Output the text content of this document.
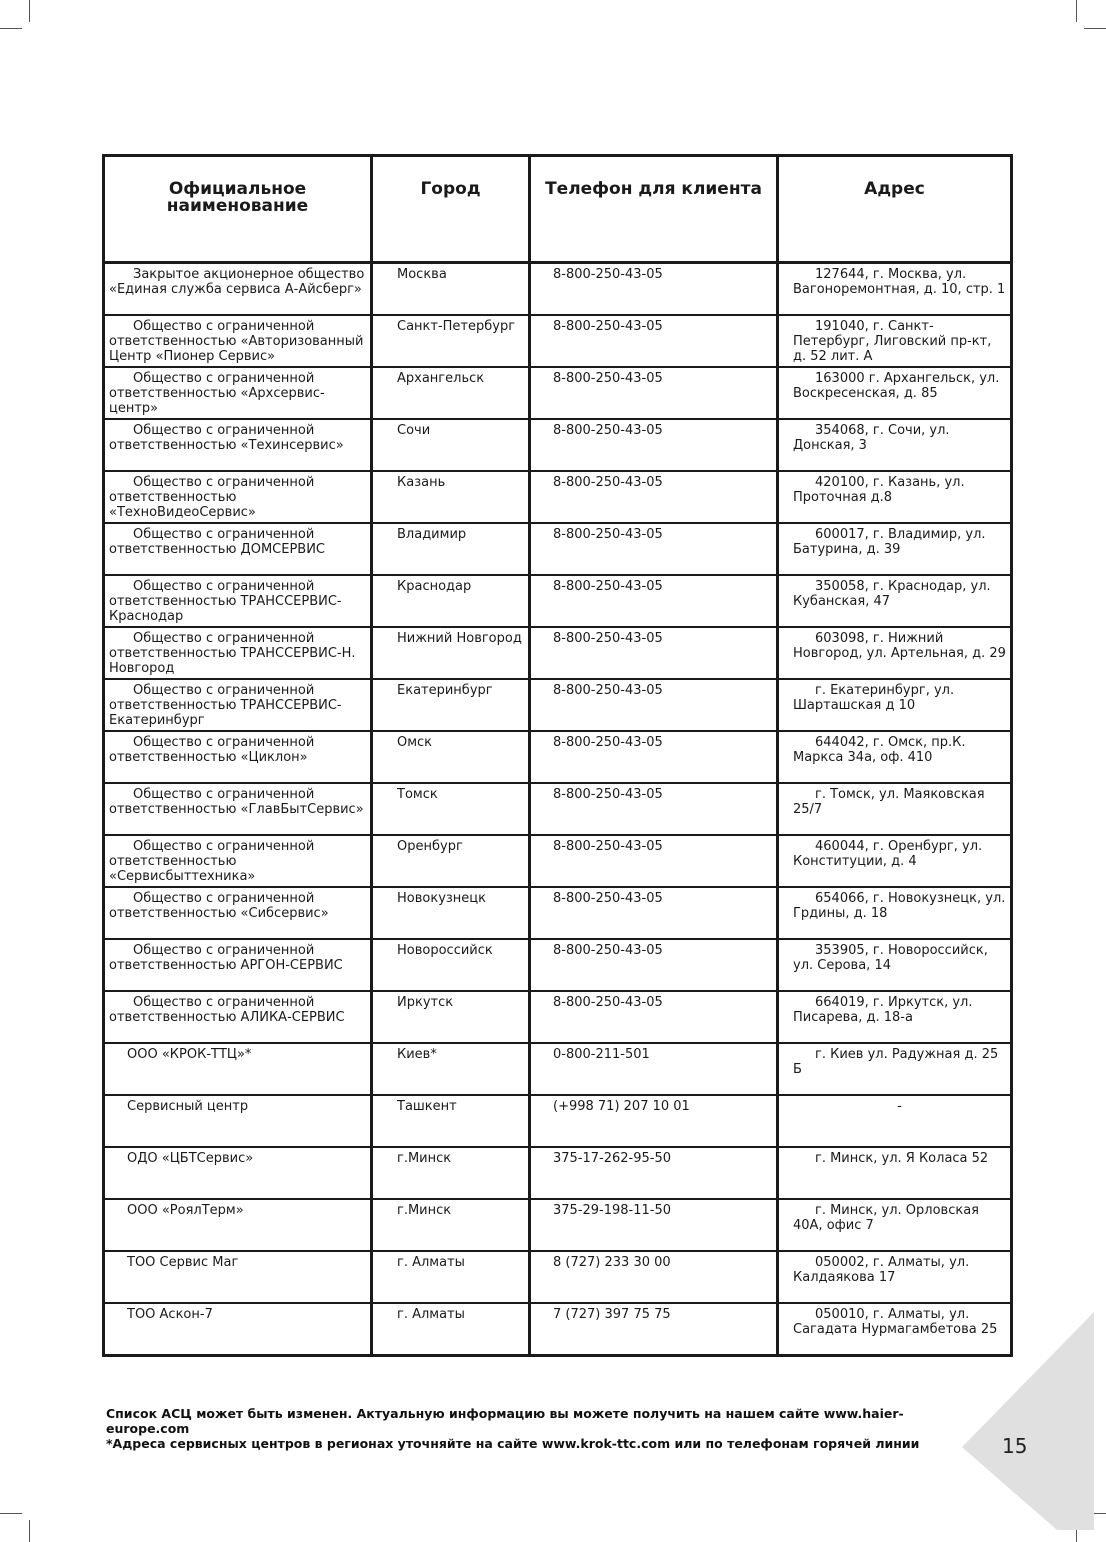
Официальное наименование	Город	Телефон для клиента	Адрес
Закрытое акционерное общество «Единая служба сервиса А-Айсберг»	Москва	8-800-250-43-05	127644, г. Москва, ул. Вагоноремонтная, д. 10, стр. 1
Общество с ограниченной ответственностью «Авторизованный Центр «Пионер Сервис»	Санкт-Петербург	8-800-250-43-05	191040, г. Санкт-Петербург, Лиговский пр-кт, д. 52 лит. А
Общество с ограниченной ответственностью «Архсервис-центр»	Архангельск	8-800-250-43-05	163000 г. Архангельск, ул. Воскресенская, д. 85
Общество с ограниченной ответственностью «Техинсервис»	Сочи	8-800-250-43-05	354068, г. Сочи, ул. Донская, 3
Общество с ограниченной ответственностью «ТехноВидеоСервис»	Казань	8-800-250-43-05	420100, г. Казань, ул. Проточная д.8
Общество с ограниченной ответственностью ДОМСЕРВИС	Владимир	8-800-250-43-05	600017, г. Владимир, ул. Батурина, д. 39
Общество с ограниченной ответственностью ТРАНССЕРВИС-Краснодар	Краснодар	8-800-250-43-05	350058, г. Краснодар, ул. Кубанская, 47
Общество с ограниченной ответственностью ТРАНССЕРВИС-Н. Новгород	Нижний Новгород	8-800-250-43-05	603098, г. Нижний Новгород, ул. Артельная, д. 29
Общество с ограниченной ответственностью ТРАНССЕРВИС-Екатеринбург	Екатеринбург	8-800-250-43-05	г. Екатеринбург, ул. Шарташская д 10
Общество с ограниченной ответственностью «Циклон»	Омск	8-800-250-43-05	644042, г. Омск, пр.К. Маркса 34а, оф. 410
Общество с ограниченной ответственностью «ГлавБытСервис»	Томск	8-800-250-43-05	г. Томск, ул. Маяковская 25/7
Общество с ограниченной ответственностью «Сервисбыттехника»	Оренбург	8-800-250-43-05	460044, г. Оренбург, ул. Конституции, д. 4
Общество с ограниченной ответственностью «Сибсервис»	Новокузнецк	8-800-250-43-05	654066, г. Новокузнецк, ул. Грдины, д. 18
Общество с ограниченной ответственностью АРГОН-СЕРВИС	Новороссийск	8-800-250-43-05	353905, г. Новороссийск, ул. Серова, 14
Общество с ограниченной ответственностью АЛИКА-СЕРВИС	Иркутск	8-800-250-43-05	664019, г. Иркутск, ул. Писарева, д. 18-а
ООО «КРОК-ТТЦ»*	Киев*	0-800-211-501	г. Киев ул. Радужная д. 25 Б
Сервисный центр	Ташкент	(+998 71) 207 10 01	-
ОДО «ЦБТСервис»	г.Минск	375-17-262-95-50	г. Минск, ул. Я Коласа 52
ООО «РоялТерм»	г.Минск	375-29-198-11-50	г. Минск, ул. Орловская 40А, офис 7
ТОО Сервис Маг	г. Алматы	8 (727) 233 30 00	050002, г. Алматы, ул. Калдаякова 17
ТОО Аскон-7	г. Алматы	7 (727) 397 75 75	050010, г. Алматы, ул. Сагадата Нурмагамбетова 25
Список АСЦ может быть изменен. Актуальную информацию вы можете получить на нашем сайте www.haier-europe.com
*Адреса сервисных центров в регионах уточняйте на сайте www.krok-ttc.com или по телефонам горячей линии	15
